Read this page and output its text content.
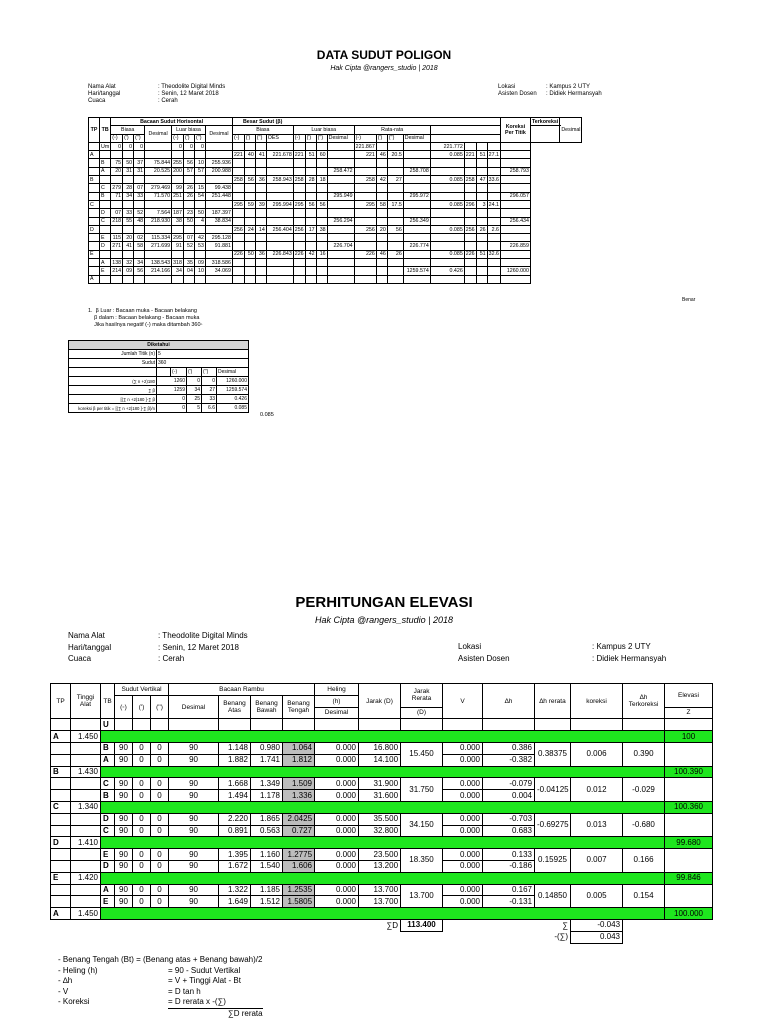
DATA SUDUT POLIGON
Hak Cipta @rangers_studio | 2018
Nama Alat	: Theodolite Digital Minds
Hari/tanggal	: Senin, 12 Maret 2018
Cuaca	: Cerah
Lokasi	: Kampus 2 UTY
Asisten Dosen	: Didiek Hermansyah
TP	TB	Bacaan Sudut Horisontal								Besar Sudut (β)																Koreksi Per Titik	Terkoreksi	Desimal
		Biasa			Desimal	Luar biasa			Desimal	Biasa				Luar biasa				Rata-rata										
		(◦)	(')	('')		(◦)	(')	('')		(◦)	(')	('')	OES	(◦)	(')	('')	Desimal	(◦)	(')	('')	Desimal							
	Um	0	0	0		0	0	0										221.867				221.772						
A										221	40	41	221.678	221	51	60		221	46	20.5		0.085	221	51	27.1			
	B	75	50	37	75.844	255	56	10	255.936																			
	A	20	31	31	20.525	200	57	57	200.988								258.472				258.708					258.793		
B										258	56	36	258.943	258	28	18		258	42	27		0.085	258	47	33.6			
	C	279	28	07	279.469	99	26	15	99.438																			
	B	71	34	33	71.570	251	26	54	251.448								295.949				295.972					296.057		
C										295	59	39	295.994	295	56	56		295	58	17.5		0.085	296	3	24.1			
	D	07	33	52	7.564	187	23	50	187.397																			
	C	218	55	48	218.930	38	50	4	38.834								256.294				256.349					256.434		
D										256	24	14	256.404	256	17	38		256	20	56		0.085	256	26	2.6			
	E	115	20	02	115.334	295	07	42	295.128																			
	D	271	41	58	271.699	91	52	53	91.881								226.704				226.774					226.859		
E										226	50	36	226.843	226	42	16		226	46	26		0.085	226	51	32.6			
	A	138	32	34	138.543	318	35	09	318.586																			
	E	214	09	56	214.166	34	04	10	34.069												1259.574	0.426				1260.000		
A																												
Benar
1.  β Luar : Bacaan muka - Bacaan belakang
β dalam : Bacaan belakang - Bacaan muka
Jika hasilnya negatif (-) maka ditambah 360◦
Diketahui					
Jumlah Titik (n)	5				
Sudut	360				
		(◦)	(')	('')	Desimal
(∑ n +2)180	1260		0	0	1260.000
∑ β	1259		34	27	1259.574
[(∑ n +2)180 ]-∑ β	0		25	33	0.426
koreksi β per titik = [(∑ n +2)180 ]-∑ β)/n	0		5	6.6	0.085
0.085
PERHITUNGAN ELEVASI
Hak Cipta @rangers_studio | 2018
Nama Alat	: Theodolite Digital Minds
Hari/tanggal	: Senin, 12 Maret 2018
Cuaca	: Cerah
Lokasi	: Kampus 2 UTY
Asisten Dosen	: Didiek Hermansyah
TP	Tinggi Alat	TB	Sudut Vertikal			Bacaan Rambu				Heling	Jarak (D)	Jarak Rerata	V	∆h	∆h rerata	koreksi	∆h Terkoreksi	Elevasi
			(◦)	(')	('')	Desimal	Benang Atas	Benang Bawah	Benang Tengah	(h)								
										Desimal		(D)						Z
		U																
A	1.450																	100
		B	90	0	0	90	1.148	0.980	1.064	0.000	16.800	15.450	0.000	0.386	0.38375	0.006	0.390	
		A	90	0	0	90	1.882	1.741	1.812	0.000	14.100		0.000	-0.382				
B	1.430																	100.390
		C	90	0	0	90	1.668	1.349	1.509	0.000	31.900	31.750	0.000	-0.079	-0.04125	0.012	-0.029	
		B	90	0	0	90	1.494	1.178	1.336	0.000	31.600		0.000	0.004				
C	1.340																	100.360
		D	90	0	0	90	2.220	1.865	2.0425	0.000	35.500	34.150	0.000	-0.703	-0.69275	0.013	-0.680	
		C	90	0	0	90	0.891	0.563	0.727	0.000	32.800		0.000	0.683				
D	1.410																	99.680
		E	90	0	0	90	1.395	1.160	1.2775	0.000	23.500	18.350	0.000	0.133	0.15925	0.007	0.166	
		D	90	0	0	90	1.672	1.540	1.606	0.000	13.200		0.000	-0.186				
E	1.420																	99.846
		A	90	0	0	90	1.322	1.185	1.2535	0.000	13.700	13.700	0.000	0.167	0.14850	0.005	0.154	
		E	90	0	0	90	1.649	1.512	1.5805	0.000	13.700		0.000	-0.131				
A	1.450																	100.000
											∑D	113.400			∑	-0.043		
															-(∑)	0.043		
- Benang Tengah (Bt) = (Benang atas + Benang bawah)/2
- Heling (h)	= 90 - Sudut Vertikal
- ∆h	= V + Tinggi Alat - Bt
- V	= D tan h
- Koreksi	= D rerata x -(∑)
∑D rerata
